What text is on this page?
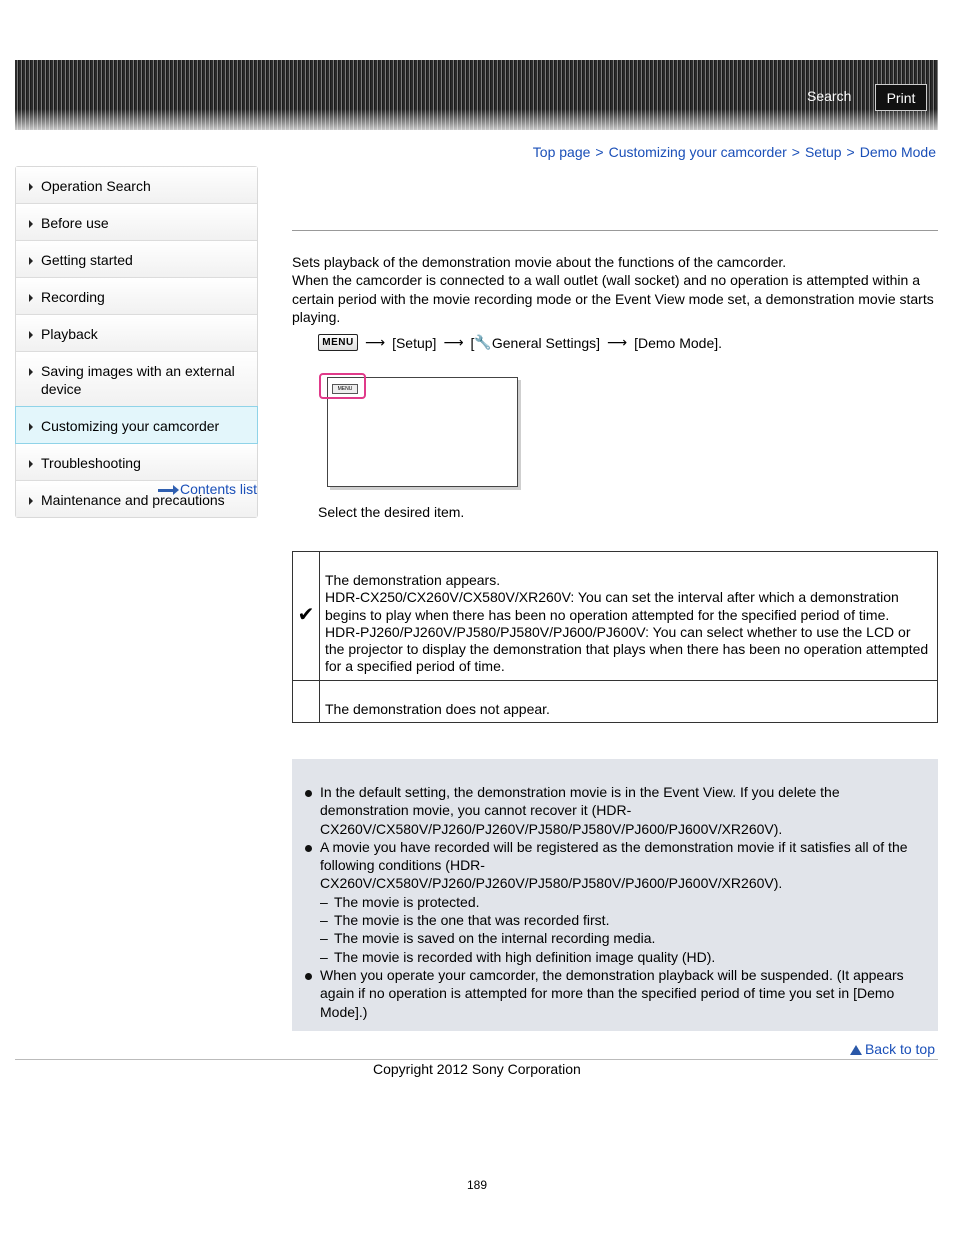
Search	Print
Top page > Customizing your camcorder > Setup > Demo Mode
Operation Search
Before use
Getting started
Recording
Playback
Saving images with an external device
Customizing your camcorder
Troubleshooting
Maintenance and precautions
Contents list

Sets playback of the demonstration movie about the functions of the camcorder.

When the camcorder is connected to a wall outlet (wall socket) and no operation is attempted within a certain period with the movie recording mode or the Event View mode set, a demonstration movie starts playing.

MENU ⟶ [Setup] ⟶ [ 🔧 General Settings] ⟶ [Demo Mode].
MENU
Select the desired item.
✔	The demonstration appears.
HDR-CX250/CX260V/CX580V/XR260V: You can set the interval after which a demonstration begins to play when there has been no operation attempted for the specified period of time.
HDR-PJ260/PJ260V/PJ580/PJ580V/PJ600/PJ600V: You can select whether to use the LCD or the projector to display the demonstration that plays when there has been no operation attempted for a specified period of time.

	The demonstration does not appear.
In the default setting, the demonstration movie is in the Event View. If you delete the demonstration movie, you cannot recover it (HDR-CX260V/CX580V/PJ260/PJ260V/PJ580/PJ580V/PJ600/PJ600V/XR260V).
A movie you have recorded will be registered as the demonstration movie if it satisfies all of the following conditions (HDR-CX260V/CX580V/PJ260/PJ260V/PJ580/PJ580V/PJ600/PJ600V/XR260V).
– The movie is protected.
– The movie is the one that was recorded first.
– The movie is saved on the internal recording media.
– The movie is recorded with high definition image quality (HD).
When you operate your camcorder, the demonstration playback will be suspended. (It appears again if no operation is attempted for more than the specified period of time you set in [Demo Mode].)
Back to top
Copyright 2012 Sony Corporation
189
